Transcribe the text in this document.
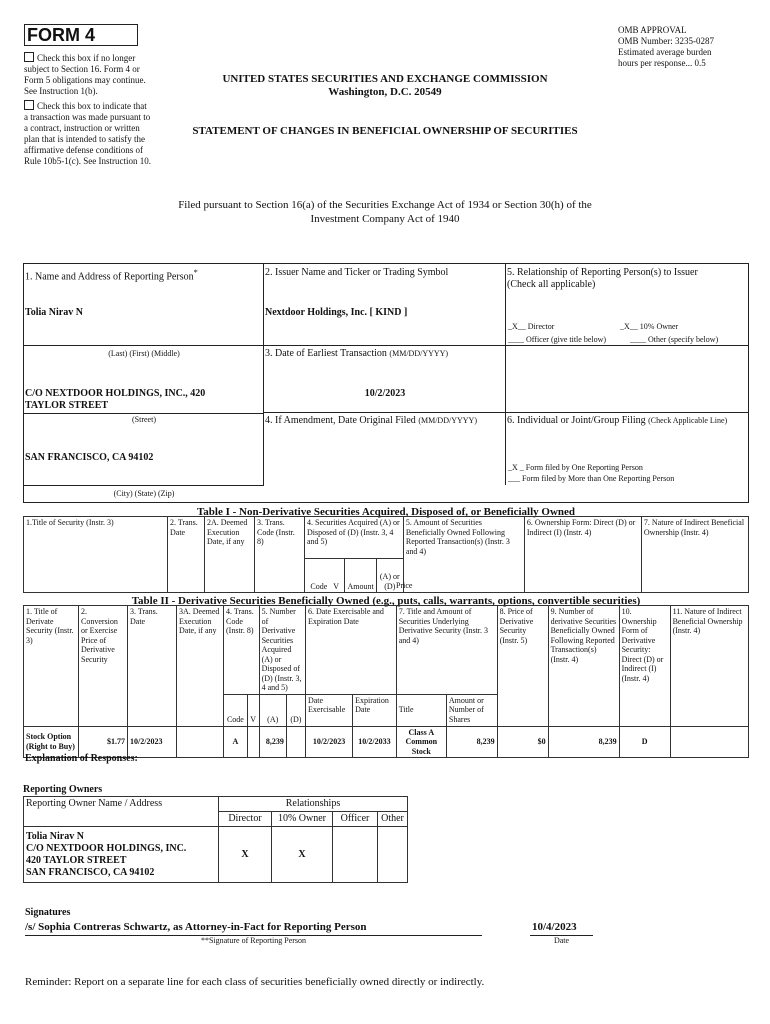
FORM 4
Check this box if no longer subject to Section 16. Form 4 or Form 5 obligations may continue. See Instruction 1(b).
Check this box to indicate that a transaction was made pursuant to a contract, instruction or written plan that is intended to satisfy the affirmative defense conditions of Rule 10b5-1(c). See Instruction 10.
OMB APPROVAL
OMB Number: 3235-0287
Estimated average burden
hours per response... 0.5
UNITED STATES SECURITIES AND EXCHANGE COMMISSION
Washington, D.C. 20549
STATEMENT OF CHANGES IN BENEFICIAL OWNERSHIP OF SECURITIES
Filed pursuant to Section 16(a) of the Securities Exchange Act of 1934 or Section 30(h) of the
Investment Company Act of 1940
1. Name and Address of Reporting Person*
Tolia Nirav N
(Last) (First) (Middle)
C/O NEXTDOOR HOLDINGS, INC., 420
TAYLOR STREET
(Street)
SAN FRANCISCO, CA 94102
(City) (State) (Zip)
2. Issuer Name and Ticker or Trading Symbol
Nextdoor Holdings, Inc. [ KIND ]
3. Date of Earliest Transaction (MM/DD/YYYY)
10/2/2023
4. If Amendment, Date Original Filed (MM/DD/YYYY)
5. Relationship of Reporting Person(s) to Issuer
(Check all applicable)
_X__ Director	_X__ 10% Owner
____ Officer (give title below)	____ Other (specify below)
6. Individual or Joint/Group Filing (Check Applicable Line)
_X _ Form filed by One Reporting Person
___ Form filed by More than One Reporting Person
Table I - Non-Derivative Securities Acquired, Disposed of, or Beneficially Owned
1.Title of Security (Instr. 3)	2. Trans. Date	2A. Deemed Execution Date, if any	3. Trans. Code (Instr. 8)	4. Securities Acquired (A) or Disposed of (D) (Instr. 3, 4 and 5)			5. Amount of Securities Beneficially Owned Following Reported Transaction(s) (Instr. 3 and 4)	6. Ownership Form: Direct (D) or Indirect (I) (Instr. 4)	7. Nature of Indirect Beneficial Ownership (Instr. 4)
				Code V	Amount	(A) or (D)			Price
Table II - Derivative Securities Beneficially Owned (e.g., puts, calls, warrants, options, convertible securities)
1. Title of Derivate Security (Instr. 3)	2. Conversion or Exercise Price of Derivative Security	3. Trans. Date	3A. Deemed Execution Date, if any	4. Trans. Code (Instr. 8)		5. Number of Derivative Securities Acquired (A) or Disposed of (D) (Instr. 3, 4 and 5)		6. Date Exercisable and Expiration Date		7. Title and Amount of Securities Underlying Derivative Security (Instr. 3 and 4)		8. Price of Derivative Security (Instr. 5)	9. Number of derivative Securities Beneficially Owned Following Reported Transaction(s) (Instr. 4)	10. Ownership Form of Derivative Security: Direct (D) or Indirect (I) (Instr. 4)	11. Nature of Indirect Beneficial Ownership (Instr. 4)
				Code	V	(A)	(D)	Date Exercisable	Expiration Date	Title	Amount or Number of Shares				
Stock Option (Right to Buy)	$1.77	10/2/2023		A		8,239		10/2/2023	10/2/2033	Class A Common Stock	8,239	$0	8,239	D	
Explanation of Responses:
Reporting Owners
Reporting Owner Name / Address	Relationships			
	Director	10% Owner	Officer	Other

Tolia Nirav N
C/O NEXTDOOR HOLDINGS, INC.
420 TAYLOR STREET
SAN FRANCISCO, CA 94102	X	X		
Signatures
/s/ Sophia Contreras Schwartz, as Attorney-in-Fact for Reporting Person
**Signature of Reporting Person
10/4/2023
Date
Reminder: Report on a separate line for each class of securities beneficially owned directly or indirectly.
